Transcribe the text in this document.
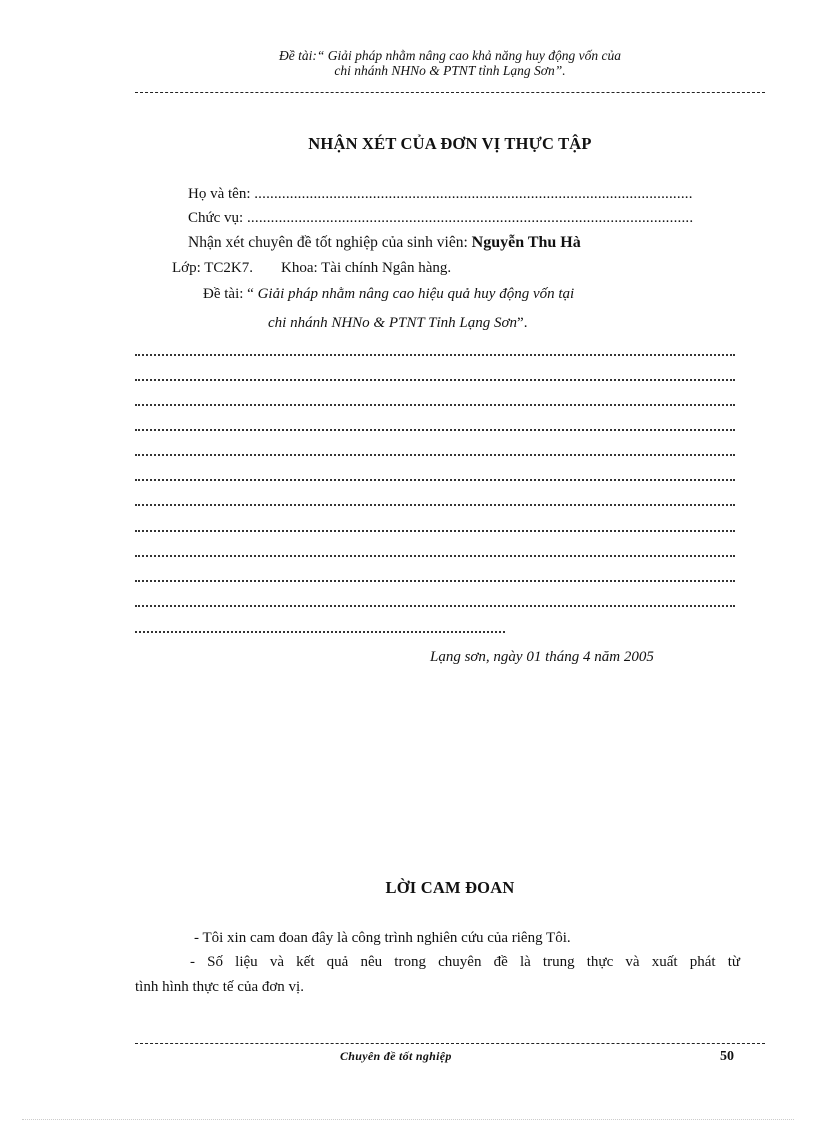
Đề tài:“ Giải pháp nhằm nâng cao khả năng huy động vốn của
chi nhánh NHNo & PTNT tỉnh Lạng Sơn”.
NHẬN XÉT CỦA ĐƠN VỊ THỰC TẬP
Họ và tên: ...............................................................................................................
Chức vụ: .................................................................................................................
Nhận xét chuyên đề tốt nghiệp của sinh viên: Nguyễn Thu Hà
Lớp: TC2K7. Khoa: Tài chính Ngân hàng.
Đề tài: “ Giải pháp nhằm nâng cao hiệu quả huy động vốn tại
chi nhánh NHNo & PTNT Tỉnh Lạng Sơn”.
Lạng sơn, ngày 01 tháng 4 năm 2005
LỜI CAM ĐOAN
- Tôi xin cam đoan đây là công trình nghiên cứu của riêng Tôi.
- Số liệu và kết quả nêu trong chuyên đề là trung thực và xuất phát từ
tình hình thực tế của đơn vị.
Chuyên đề tốt nghiệp	50
